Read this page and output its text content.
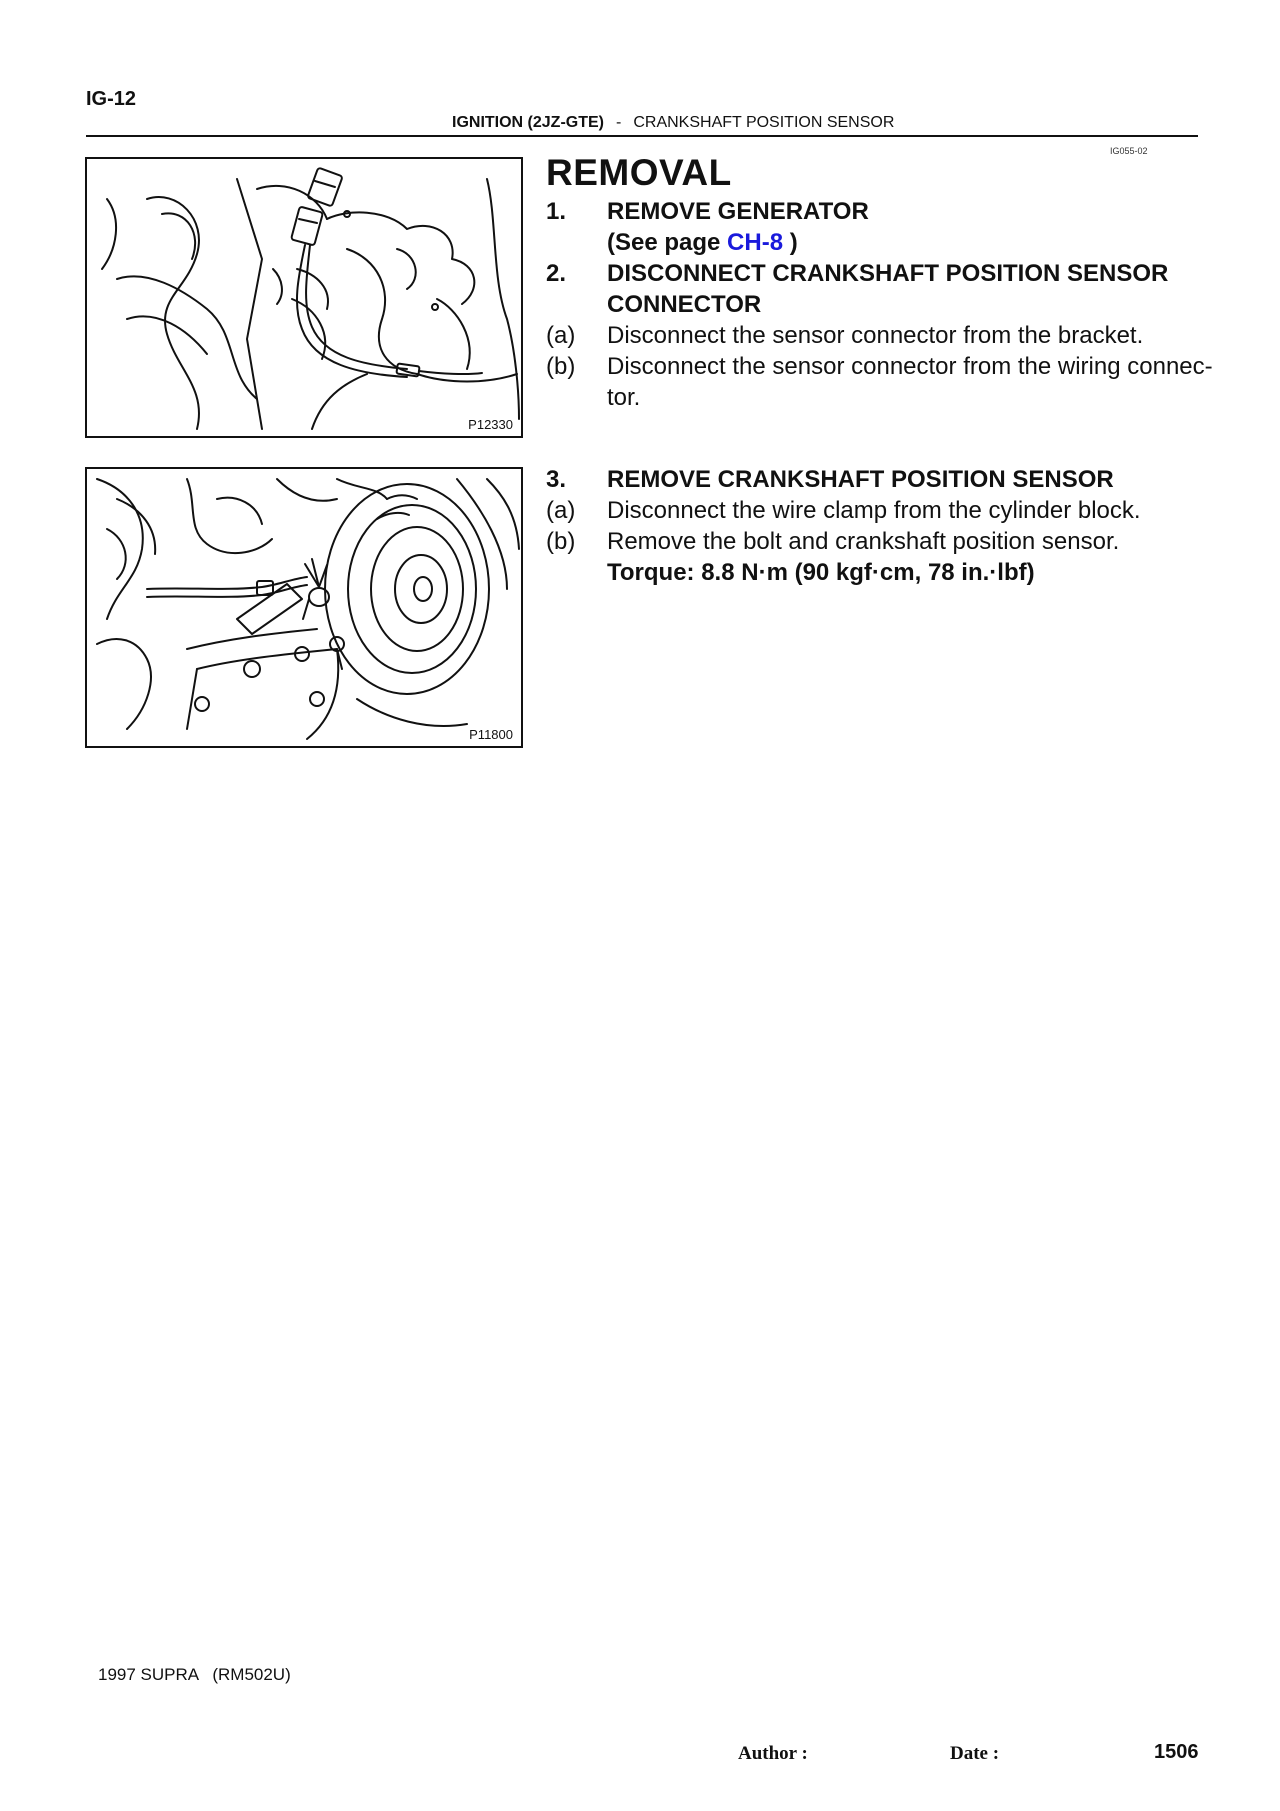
IG-12
IGNITION (2JZ-GTE) - CRANKSHAFT POSITION SENSOR
IG055-02
P12330
P11800
REMOVAL
1. REMOVE GENERATOR
(See page CH-8 )
2. DISCONNECT CRANKSHAFT POSITION SENSOR
CONNECTOR
(a) Disconnect the sensor connector from the bracket.
(b) Disconnect the sensor connector from the wiring connec-
tor.
3. REMOVE CRANKSHAFT POSITION SENSOR
(a) Disconnect the wire clamp from the cylinder block.
(b) Remove the bolt and crankshaft position sensor.
Torque: 8.8 N·m (90 kgf·cm, 78 in.·lbf)
1997 SUPRA   (RM502U)
Author :	Date :	1506
